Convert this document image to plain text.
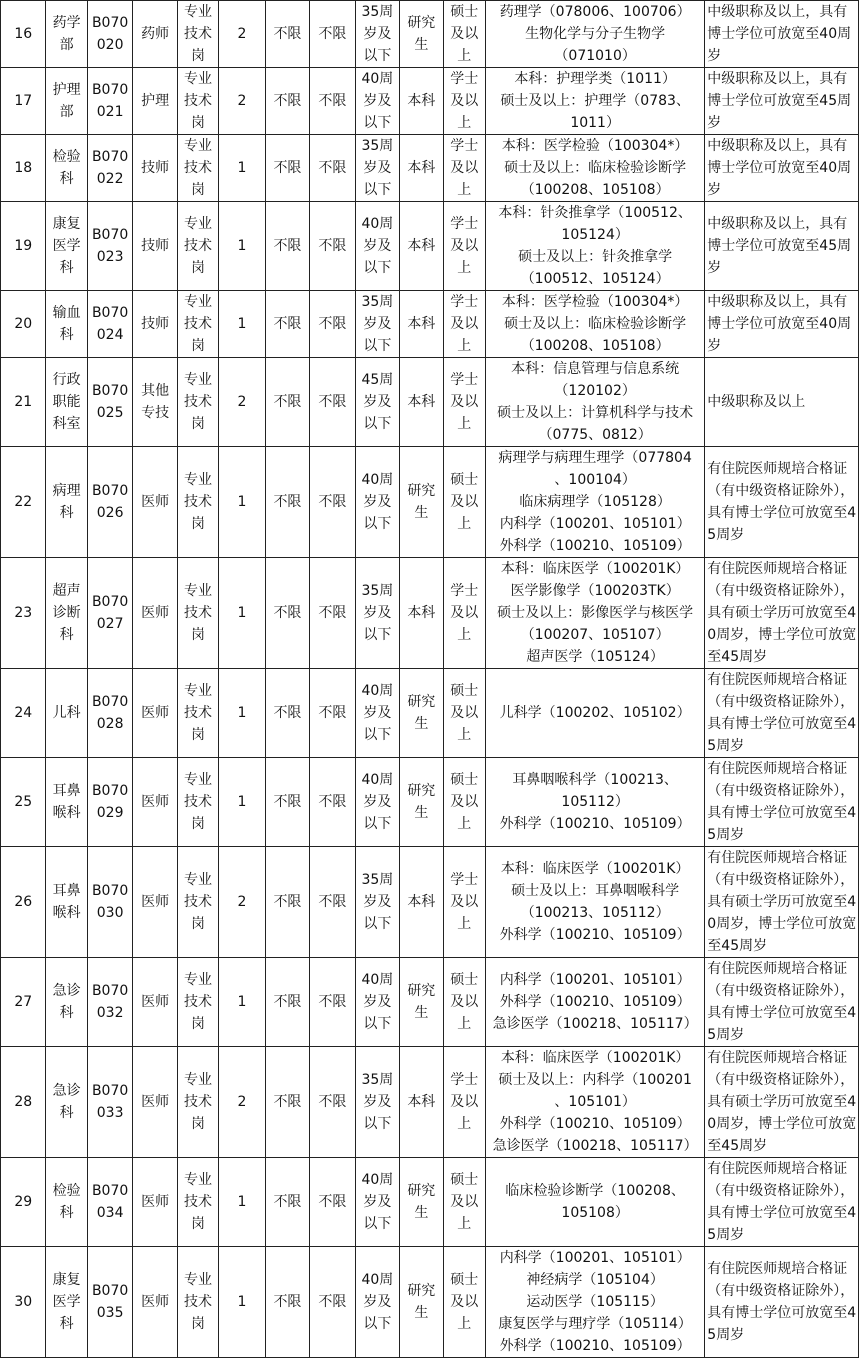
16	药学部	B070020	药师	专业技术岗	2	不限	不限	35周岁及以下	研究生	硕士及以上	药理学（078006、100706）
生物化学与分子生物学
（071010）	中级职称及以上，具有博士学位可放宽至40周岁
17	护理部	B070021	护理	专业技术岗	2	不限	不限	40周岁及以下	本科	学士及以上	本科：护理学类（1011）
硕士及以上：护理学（0783、
1011）	中级职称及以上，具有博士学位可放宽至45周岁
18	检验科	B070022	技师	专业技术岗	1	不限	不限	35周岁及以下	本科	学士及以上	本科：医学检验（100304*）
硕士及以上：临床检验诊断学
（100208、105108）	中级职称及以上，具有博士学位可放宽至40周岁
19	康复医学科	B070023	技师	专业技术岗	1	不限	不限	40周岁及以下	本科	学士及以上	本科：针灸推拿学（100512、
105124）
硕士及以上：针灸推拿学
（100512、105124）	中级职称及以上，具有博士学位可放宽至45周岁
20	输血科	B070024	技师	专业技术岗	1	不限	不限	35周岁及以下	本科	学士及以上	本科：医学检验（100304*）
硕士及以上：临床检验诊断学
（100208、105108）	中级职称及以上，具有博士学位可放宽至40周岁
21	行政职能科室	B070025	其他专技	专业技术岗	2	不限	不限	45周岁及以下	本科	学士及以上	本科：信息管理与信息系统
（120102）
硕士及以上：计算机科学与技术
（0775、0812）	中级职称及以上
22	病理科	B070026	医师	专业技术岗	1	不限	不限	40周岁及以下	研究生	硕士及以上	病理学与病理生理学（077804
、100104）
临床病理学（105128）
内科学（100201、105101）
外科学（100210、105109）	有住院医师规培合格证（有中级资格证除外），具有博士学位可放宽至45周岁
23	超声诊断科	B070027	医师	专业技术岗	1	不限	不限	35周岁及以下	本科	学士及以上	本科：临床医学（100201K）
医学影像学（100203TK）
硕士及以上：影像医学与核医学
（100207、105107）
超声医学（105124）	有住院医师规培合格证（有中级资格证除外），具有硕士学历可放宽至40周岁，博士学位可放宽至45周岁
24	儿科	B070028	医师	专业技术岗	1	不限	不限	40周岁及以下	研究生	硕士及以上	儿科学（100202、105102）	有住院医师规培合格证（有中级资格证除外），具有博士学位可放宽至45周岁
25	耳鼻喉科	B070029	医师	专业技术岗	1	不限	不限	40周岁及以下	研究生	硕士及以上	耳鼻咽喉科学（100213、
105112）
外科学（100210、105109）	有住院医师规培合格证（有中级资格证除外），具有博士学位可放宽至45周岁
26	耳鼻喉科	B070030	医师	专业技术岗	2	不限	不限	35周岁及以下	本科	学士及以上	本科：临床医学（100201K）
硕士及以上：耳鼻咽喉科学
（100213、105112）
外科学（100210、105109）	有住院医师规培合格证（有中级资格证除外），具有硕士学历可放宽至40周岁，博士学位可放宽至45周岁
27	急诊科	B070032	医师	专业技术岗	1	不限	不限	40周岁及以下	研究生	硕士及以上	内科学（100201、105101）
外科学（100210、105109）
急诊医学（100218、105117）	有住院医师规培合格证（有中级资格证除外），具有博士学位可放宽至45周岁
28	急诊科	B070033	医师	专业技术岗	2	不限	不限	35周岁及以下	本科	学士及以上	本科：临床医学（100201K）
硕士及以上：内科学（100201
、105101）
外科学（100210、105109）
急诊医学（100218、105117）	有住院医师规培合格证（有中级资格证除外），具有硕士学历可放宽至40周岁，博士学位可放宽至45周岁
29	检验科	B070034	医师	专业技术岗	1	不限	不限	40周岁及以下	研究生	硕士及以上	临床检验诊断学（100208、
105108）	有住院医师规培合格证（有中级资格证除外），具有博士学位可放宽至45周岁
30	康复医学科	B070035	医师	专业技术岗	1	不限	不限	40周岁及以下	研究生	硕士及以上	内科学（100201、105101）
神经病学（105104）
运动医学（105115）
康复医学与理疗学（105114）
外科学（100210、105109）	有住院医师规培合格证（有中级资格证除外），具有博士学位可放宽至45周岁
